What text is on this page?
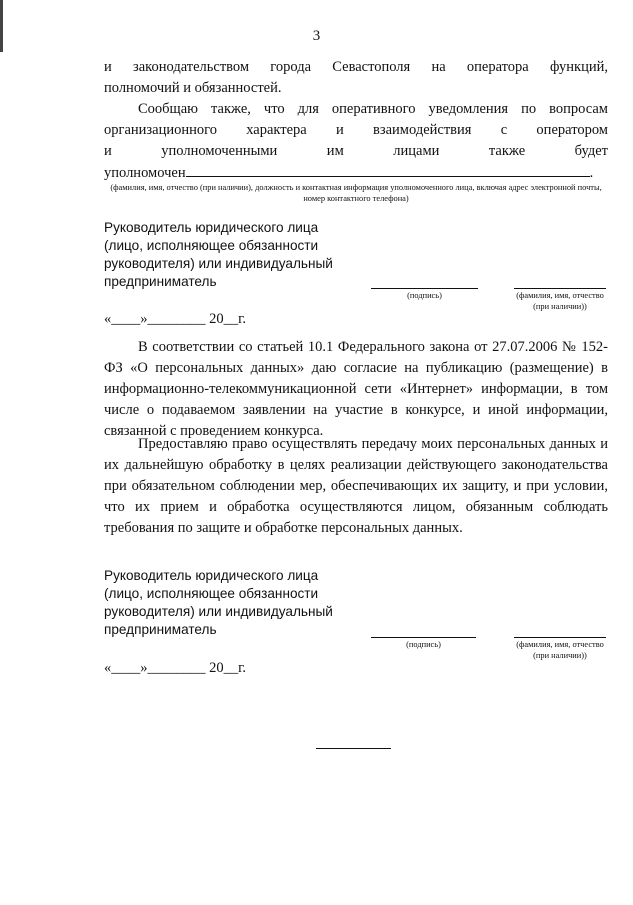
3
и законодательством города Севастополя на оператора функций,
полномочий и обязанностей.
Сообщаю также, что для оперативного уведомления по вопросам
организационного характера и взаимодействия с оператором
и уполномоченными им лицами также будет
уполномочен	.
(фамилия, имя, отчество (при наличии), должность и контактная информация уполномоченного лица, включая адрес электронной почты, номер контактного телефона)
Руководитель юридического лица
(лицо, исполняющее обязанности
руководителя) или индивидуальный
предприниматель
(подпись)	(фамилия, имя, отчество (при наличии))
«____»________ 20__г.
В соответствии со статьей 10.1 Федерального закона от 27.07.2006 № 152-ФЗ «О персональных данных» даю согласие на публикацию (размещение) в информационно-телекоммуникационной сети «Интернет» информации, в том числе о подаваемом заявлении на участие в конкурсе, и иной информации, связанной с проведением конкурса.
Предоставляю право осуществлять передачу моих персональных данных и их дальнейшую обработку в целях реализации действующего законодательства при обязательном соблюдении мер, обеспечивающих их защиту, и при условии, что их прием и обработка осуществляются лицом, обязанным соблюдать требования по защите и обработке персональных данных.
Руководитель юридического лица
(лицо, исполняющее обязанности
руководителя) или индивидуальный
предприниматель
(подпись)	(фамилия, имя, отчество (при наличии))
«____»________ 20__г.
